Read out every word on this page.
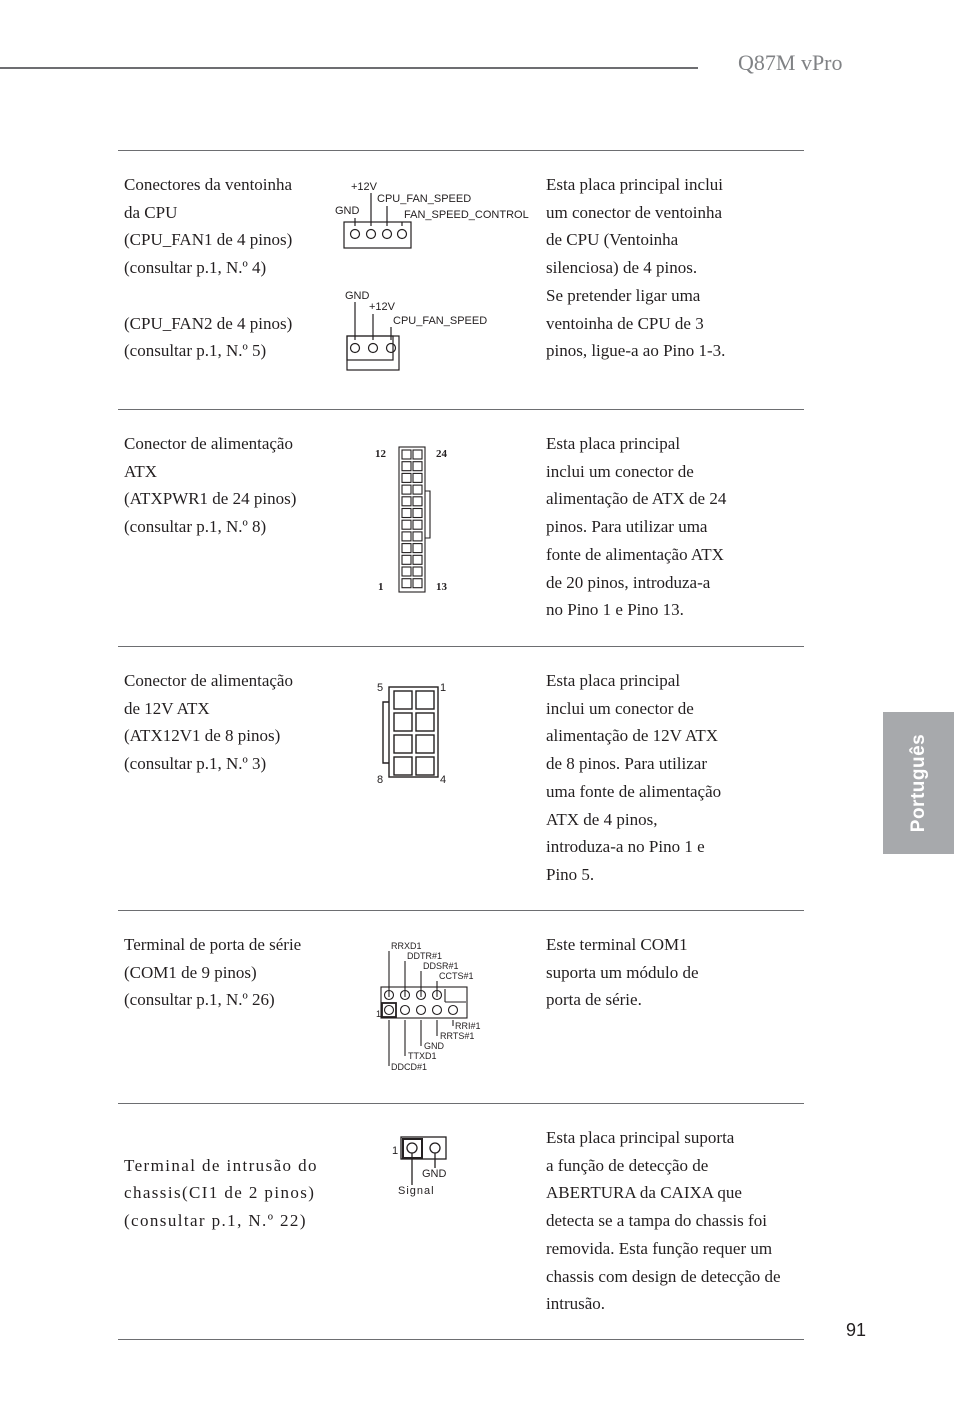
Q87M vPro
Conectores da ventoinha
da CPU
(CPU_FAN1 de 4 pinos)
(consultar p.1, N.º 4)
(CPU_FAN2 de 4 pinos)
(consultar p.1, N.º 5)
Esta placa principal inclui
um conector de ventoinha
de CPU (Ventoinha
silenciosa) de 4 pinos.
Se pretender ligar uma
ventoinha de CPU de 3
pinos, ligue-a ao Pino 1-3.
+12V
CPU_FAN_SPEED
GND	FAN_SPEED_CONTROL
GND
+12V
CPU_FAN_SPEED
Conector de alimentação
ATX
(ATXPWR1 de 24 pinos)
(consultar p.1, N.º 8)
Esta placa principal
inclui um conector de
alimentação de ATX de 24
pinos. Para utilizar uma
fonte de alimentação ATX
de 20 pinos, introduza-a
no Pino 1 e Pino 13.
12	24
1	13
Conector de alimentação
de 12V ATX
(ATX12V1 de 8 pinos)
(consultar p.1, N.º 3)
Esta placa principal
inclui um conector de
alimentação de 12V ATX
de 8 pinos. Para utilizar
uma fonte de alimentação
ATX de 4 pinos,
introduza-a no Pino 1 e
Pino 5.
5	1
8	4
Terminal de porta de série
(COM1 de 9 pinos)
(consultar p.1, N.º 26)
Este terminal COM1
suporta um módulo de
porta de série.
RRXD1
DDTR#1
DDSR#1
CCTS#1
RRI#1
RRTS#1
GND
TTXD1
DDCD#1
1

Terminal de intrusão do
chassis(CI1 de 2 pinos)
(consultar p.1, N.º 22)

Esta placa principal suporta
a função de detecção de
ABERTURA da CAIXA que
detecta se a tampa do chassis foi
removida. Esta função requer um
chassis com design de detecção de
intrusão.
1
GND
Signal
Português
91
